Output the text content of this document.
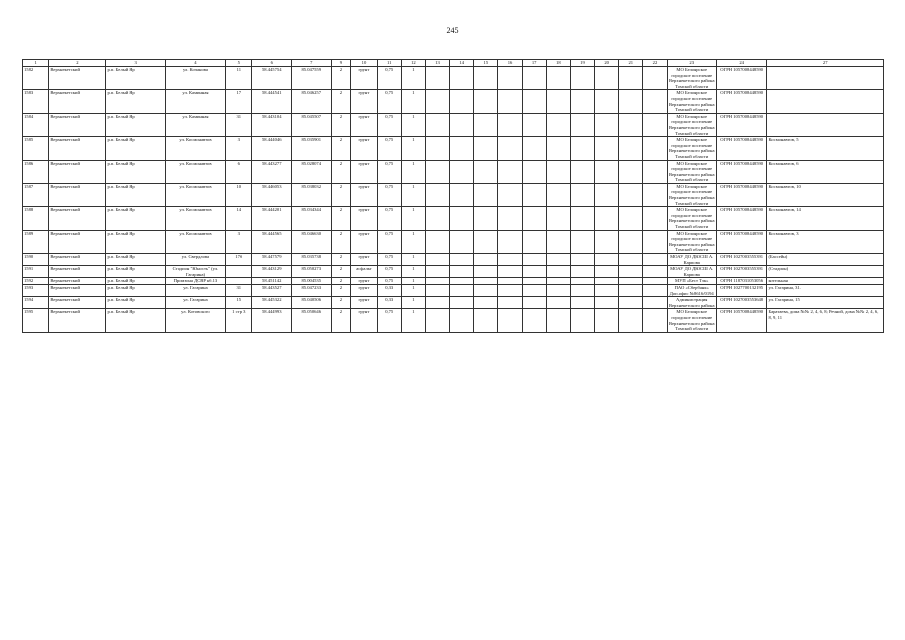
245
1	2	3	4	5	6	7	9	10	11	12	13	14	15	16	17	18	19	20	21	22	23	24	27
1582	Верхнекетский	р.п. Белый Яр	ул. Кочанова	11	58.445754	85.047559	2	грунт	0,75	1											МО Белоярское городское поселение Верхнекетского района Томской области	ОГРН 1057008448590	
1583	Верхнекетский	р.п. Белый Яр	ул. Каминная	17	58.444541	85.046257	2	грунт	0,75	1											МО Белоярское городское поселение Верхнекетского района Томской области	ОГРН 1057008448590	
1584	Верхнекетский	р.п. Белый Яр	ул. Каминная	31	58.443104	85.045507	2	грунт	0,75	1											МО Белоярское городское поселение Верхнекетского района Томской области	ОГРН 1057008448590	
1585	Верхнекетский	р.п. Белый Яр	ул. Космонавтов	3	58.444046	85.035901	2	грунт	0,75	1											МО Белоярское городское поселение Верхнекетского района Томской области	ОГРН 1057008448590	Космонавтов, 5
1586	Верхнекетский	р.п. Белый Яр	ул. Космонавтов	6	58.443277	85.028074	2	грунт	0,75	1											МО Белоярское городское поселение Верхнекетского района Томской области	ОГРН 1057008448590	Космонавтов, 6
1587	Верхнекетский	р.п. Белый Яр	ул. Космонавтов	10	58.446053	85.038032	2	грунт	0,75	1											МО Белоярское городское поселение Верхнекетского района Томской области	ОГРН 1057008448590	Космонавтов, 10
1588	Верхнекетский	р.п. Белый Яр	ул. Космонавтов	14	58.444201	85.034344	2	грунт	0,75	1											МО Белоярское городское поселение Верхнекетского района Томской области	ОГРН 1057008448590	Космонавтов, 14
1589	Верхнекетский	р.п. Белый Яр	ул. Космонавтов	3	58.444565	85.046630	2	грунт	0,75	1											МО Белоярское городское поселение Верхнекетского района Томской области	ОГРН 1057008448590	Космонавтов, 3
1590	Верхнекетский	р.п. Белый Яр	ул. Свердлова	17б	58.447579	85.035738	2	грунт	0,75	1											МОАУ ДО ДЮСШ А. Карпова	ОГРН 1027003555391	(Бассейн)
1591	Верхнекетский	р.п. Белый Яр	Стадион "Юность" (ул. Гагарина)		58.443129	85.050273	2	асфальт	0,75	1											МОАУ ДО ДЮСШ А. Карпова	ОГРН 1027003555391	(Стадион)
1592	Верхнекетский	р.п. Белый Яр	Промзона ДСВР кб.13		58.451142	85.004535	2	грунт	0,75	1											МУП «Бест Тэк»	ОГРН 1187031053056	котельная
1593	Верхнекетский	р.п. Белый Яр	ул. Гагарина	31	58.443527	85.047233	2	грунт	0,33	1											ПАО «Сбербанк» Доп.офис №8616/0194	ОГРН 1027700132195	ул. Гагарина, 31.
1594	Верхнекетский	р.п. Белый Яр	ул. Гагарина	15	58.445322	85.040506	2	грунт	0,33	1											Администрация Верхнекетского района	ОГРН 1027003553648	ул. Гагарина, 15
1595	Верхнекетский	р.п. Белый Яр	ул. Котовского	1 стр 3	58.444993	85.050646	2	грунт	0,75	1											МО Белоярское городское поселение Верхнекетского района Томской области	ОГРН 1057008448590	Баратаева, дома №№ 2, 4, 6, 8; Речной, дома №№ 2, 4, 6, 8, 9, 11
